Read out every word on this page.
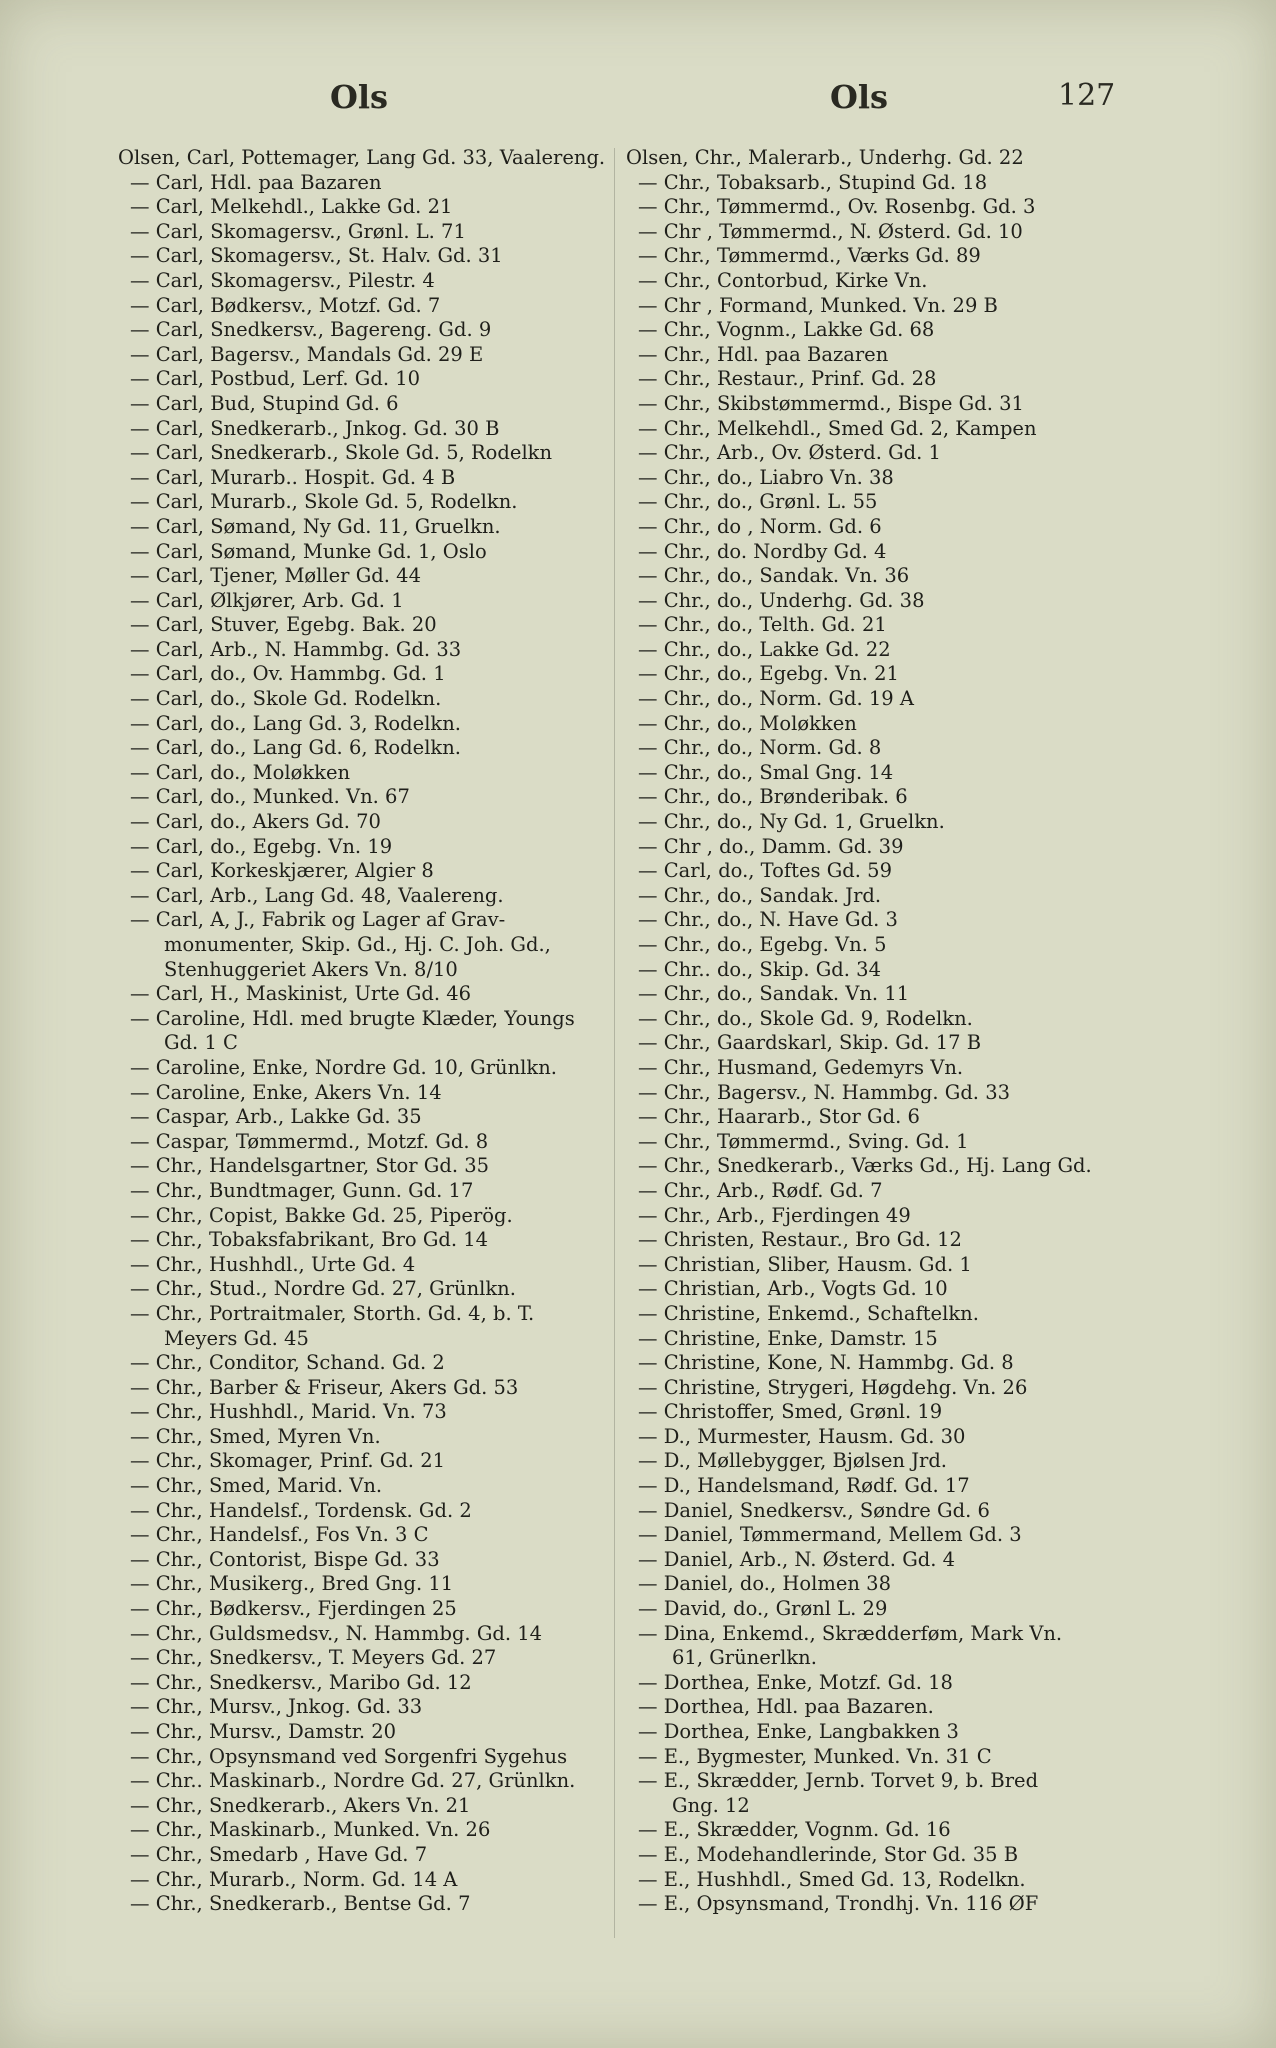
Ols	Ols	127
Olsen, Carl, Pottemager, Lang Gd. 33, Vaalereng.
— Carl, Hdl. paa Bazaren
— Carl, Melkehdl., Lakke Gd. 21
— Carl, Skomagersv., Grønl. L. 71
— Carl, Skomagersv., St. Halv. Gd. 31
— Carl, Skomagersv., Pilestr. 4
— Carl, Bødkersv., Motzf. Gd. 7
— Carl, Snedkersv., Bagereng. Gd. 9
— Carl, Bagersv., Mandals Gd. 29 E
— Carl, Postbud, Lerf. Gd. 10
— Carl, Bud, Stupind Gd. 6
— Carl, Snedkerarb., Jnkog. Gd. 30 B
— Carl, Snedkerarb., Skole Gd. 5, Rodelkn
— Carl, Murarb.. Hospit. Gd. 4 B
— Carl, Murarb., Skole Gd. 5, Rodelkn.
— Carl, Sømand, Ny Gd. 11, Gruelkn.
— Carl, Sømand, Munke Gd. 1, Oslo
— Carl, Tjener, Møller Gd. 44
— Carl, Ølkjører, Arb. Gd. 1
— Carl, Stuver, Egebg. Bak. 20
— Carl, Arb., N. Hammbg. Gd. 33
— Carl, do., Ov. Hammbg. Gd. 1
— Carl, do., Skole Gd. Rodelkn.
— Carl, do., Lang Gd. 3, Rodelkn.
— Carl, do., Lang Gd. 6, Rodelkn.
— Carl, do., Moløkken
— Carl, do., Munked. Vn. 67
— Carl, do., Akers Gd. 70
— Carl, do., Egebg. Vn. 19
— Carl, Korkeskjærer, Algier 8
— Carl, Arb., Lang Gd. 48, Vaalereng.
— Carl, A, J., Fabrik og Lager af Grav-
monumenter, Skip. Gd., Hj. C. Joh. Gd.,
Stenhuggeriet Akers Vn. 8/10
— Carl, H., Maskinist, Urte Gd. 46
— Caroline, Hdl. med brugte Klæder, Youngs
Gd. 1 C
— Caroline, Enke, Nordre Gd. 10, Grünlkn.
— Caroline, Enke, Akers Vn. 14
— Caspar, Arb., Lakke Gd. 35
— Caspar, Tømmermd., Motzf. Gd. 8
— Chr., Handelsgartner, Stor Gd. 35
— Chr., Bundtmager, Gunn. Gd. 17
— Chr., Copist, Bakke Gd. 25, Piperög.
— Chr., Tobaksfabrikant, Bro Gd. 14
— Chr., Hushhdl., Urte Gd. 4
— Chr., Stud., Nordre Gd. 27, Grünlkn.
— Chr., Portraitmaler, Storth. Gd. 4, b. T.
Meyers Gd. 45
— Chr., Conditor, Schand. Gd. 2
— Chr., Barber & Friseur, Akers Gd. 53
— Chr., Hushhdl., Marid. Vn. 73
— Chr., Smed, Myren Vn.
— Chr., Skomager, Prinf. Gd. 21
— Chr., Smed, Marid. Vn.
— Chr., Handelsf., Tordensk. Gd. 2
— Chr., Handelsf., Fos Vn. 3 C
— Chr., Contorist, Bispe Gd. 33
— Chr., Musikerg., Bred Gng. 11
— Chr., Bødkersv., Fjerdingen 25
— Chr., Guldsmedsv., N. Hammbg. Gd. 14
— Chr., Snedkersv., T. Meyers Gd. 27
— Chr., Snedkersv., Maribo Gd. 12
— Chr., Mursv., Jnkog. Gd. 33
— Chr., Mursv., Damstr. 20
— Chr., Opsynsmand ved Sorgenfri Sygehus
— Chr.. Maskinarb., Nordre Gd. 27, Grünlkn.
— Chr., Snedkerarb., Akers Vn. 21
— Chr., Maskinarb., Munked. Vn. 26
— Chr., Smedarb , Have Gd. 7
— Chr., Murarb., Norm. Gd. 14 A
— Chr., Snedkerarb., Bentse Gd. 7
Olsen, Chr., Malerarb., Underhg. Gd. 22
— Chr., Tobaksarb., Stupind Gd. 18
— Chr., Tømmermd., Ov. Rosenbg. Gd. 3
— Chr , Tømmermd., N. Østerd. Gd. 10
— Chr., Tømmermd., Værks Gd. 89
— Chr., Contorbud, Kirke Vn.
— Chr , Formand, Munked. Vn. 29 B
— Chr., Vognm., Lakke Gd. 68
— Chr., Hdl. paa Bazaren
— Chr., Restaur., Prinf. Gd. 28
— Chr., Skibstømmermd., Bispe Gd. 31
— Chr., Melkehdl., Smed Gd. 2, Kampen
— Chr., Arb., Ov. Østerd. Gd. 1
— Chr., do., Liabro Vn. 38
— Chr., do., Grønl. L. 55
— Chr., do , Norm. Gd. 6
— Chr., do. Nordby Gd. 4
— Chr., do., Sandak. Vn. 36
— Chr., do., Underhg. Gd. 38
— Chr., do., Telth. Gd. 21
— Chr., do., Lakke Gd. 22
— Chr., do., Egebg. Vn. 21
— Chr., do., Norm. Gd. 19 A
— Chr., do., Moløkken
— Chr., do., Norm. Gd. 8
— Chr., do., Smal Gng. 14
— Chr., do., Brønderibak. 6
— Chr., do., Ny Gd. 1, Gruelkn.
— Chr , do., Damm. Gd. 39
— Carl, do., Toftes Gd. 59
— Chr., do., Sandak. Jrd.
— Chr., do., N. Have Gd. 3
— Chr., do., Egebg. Vn. 5
— Chr.. do., Skip. Gd. 34
— Chr., do., Sandak. Vn. 11
— Chr., do., Skole Gd. 9, Rodelkn.
— Chr., Gaardskarl, Skip. Gd. 17 B
— Chr., Husmand, Gedemyrs Vn.
— Chr., Bagersv., N. Hammbg. Gd. 33
— Chr., Haararb., Stor Gd. 6
— Chr., Tømmermd., Sving. Gd. 1
— Chr., Snedkerarb., Værks Gd., Hj. Lang Gd.
— Chr., Arb., Rødf. Gd. 7
— Chr., Arb., Fjerdingen 49
— Christen, Restaur., Bro Gd. 12
— Christian, Sliber, Hausm. Gd. 1
— Christian, Arb., Vogts Gd. 10
— Christine, Enkemd., Schaftelkn.
— Christine, Enke, Damstr. 15
— Christine, Kone, N. Hammbg. Gd. 8
— Christine, Strygeri, Høgdehg. Vn. 26
— Christoffer, Smed, Grønl. 19
— D., Murmester, Hausm. Gd. 30
— D., Møllebygger, Bjølsen Jrd.
— D., Handelsmand, Rødf. Gd. 17
— Daniel, Snedkersv., Søndre Gd. 6
— Daniel, Tømmermand, Mellem Gd. 3
— Daniel, Arb., N. Østerd. Gd. 4
— Daniel, do., Holmen 38
— David, do., Grønl L. 29
— Dina, Enkemd., Skrædderføm, Mark Vn.
61, Grünerlkn.
— Dorthea, Enke, Motzf. Gd. 18
— Dorthea, Hdl. paa Bazaren.
— Dorthea, Enke, Langbakken 3
— E., Bygmester, Munked. Vn. 31 C
— E., Skrædder, Jernb. Torvet 9, b. Bred
Gng. 12
— E., Skrædder, Vognm. Gd. 16
— E., Modehandlerinde, Stor Gd. 35 B
— E., Hushhdl., Smed Gd. 13, Rodelkn.
— E., Opsynsmand, Trondhj. Vn. 116 ØF
